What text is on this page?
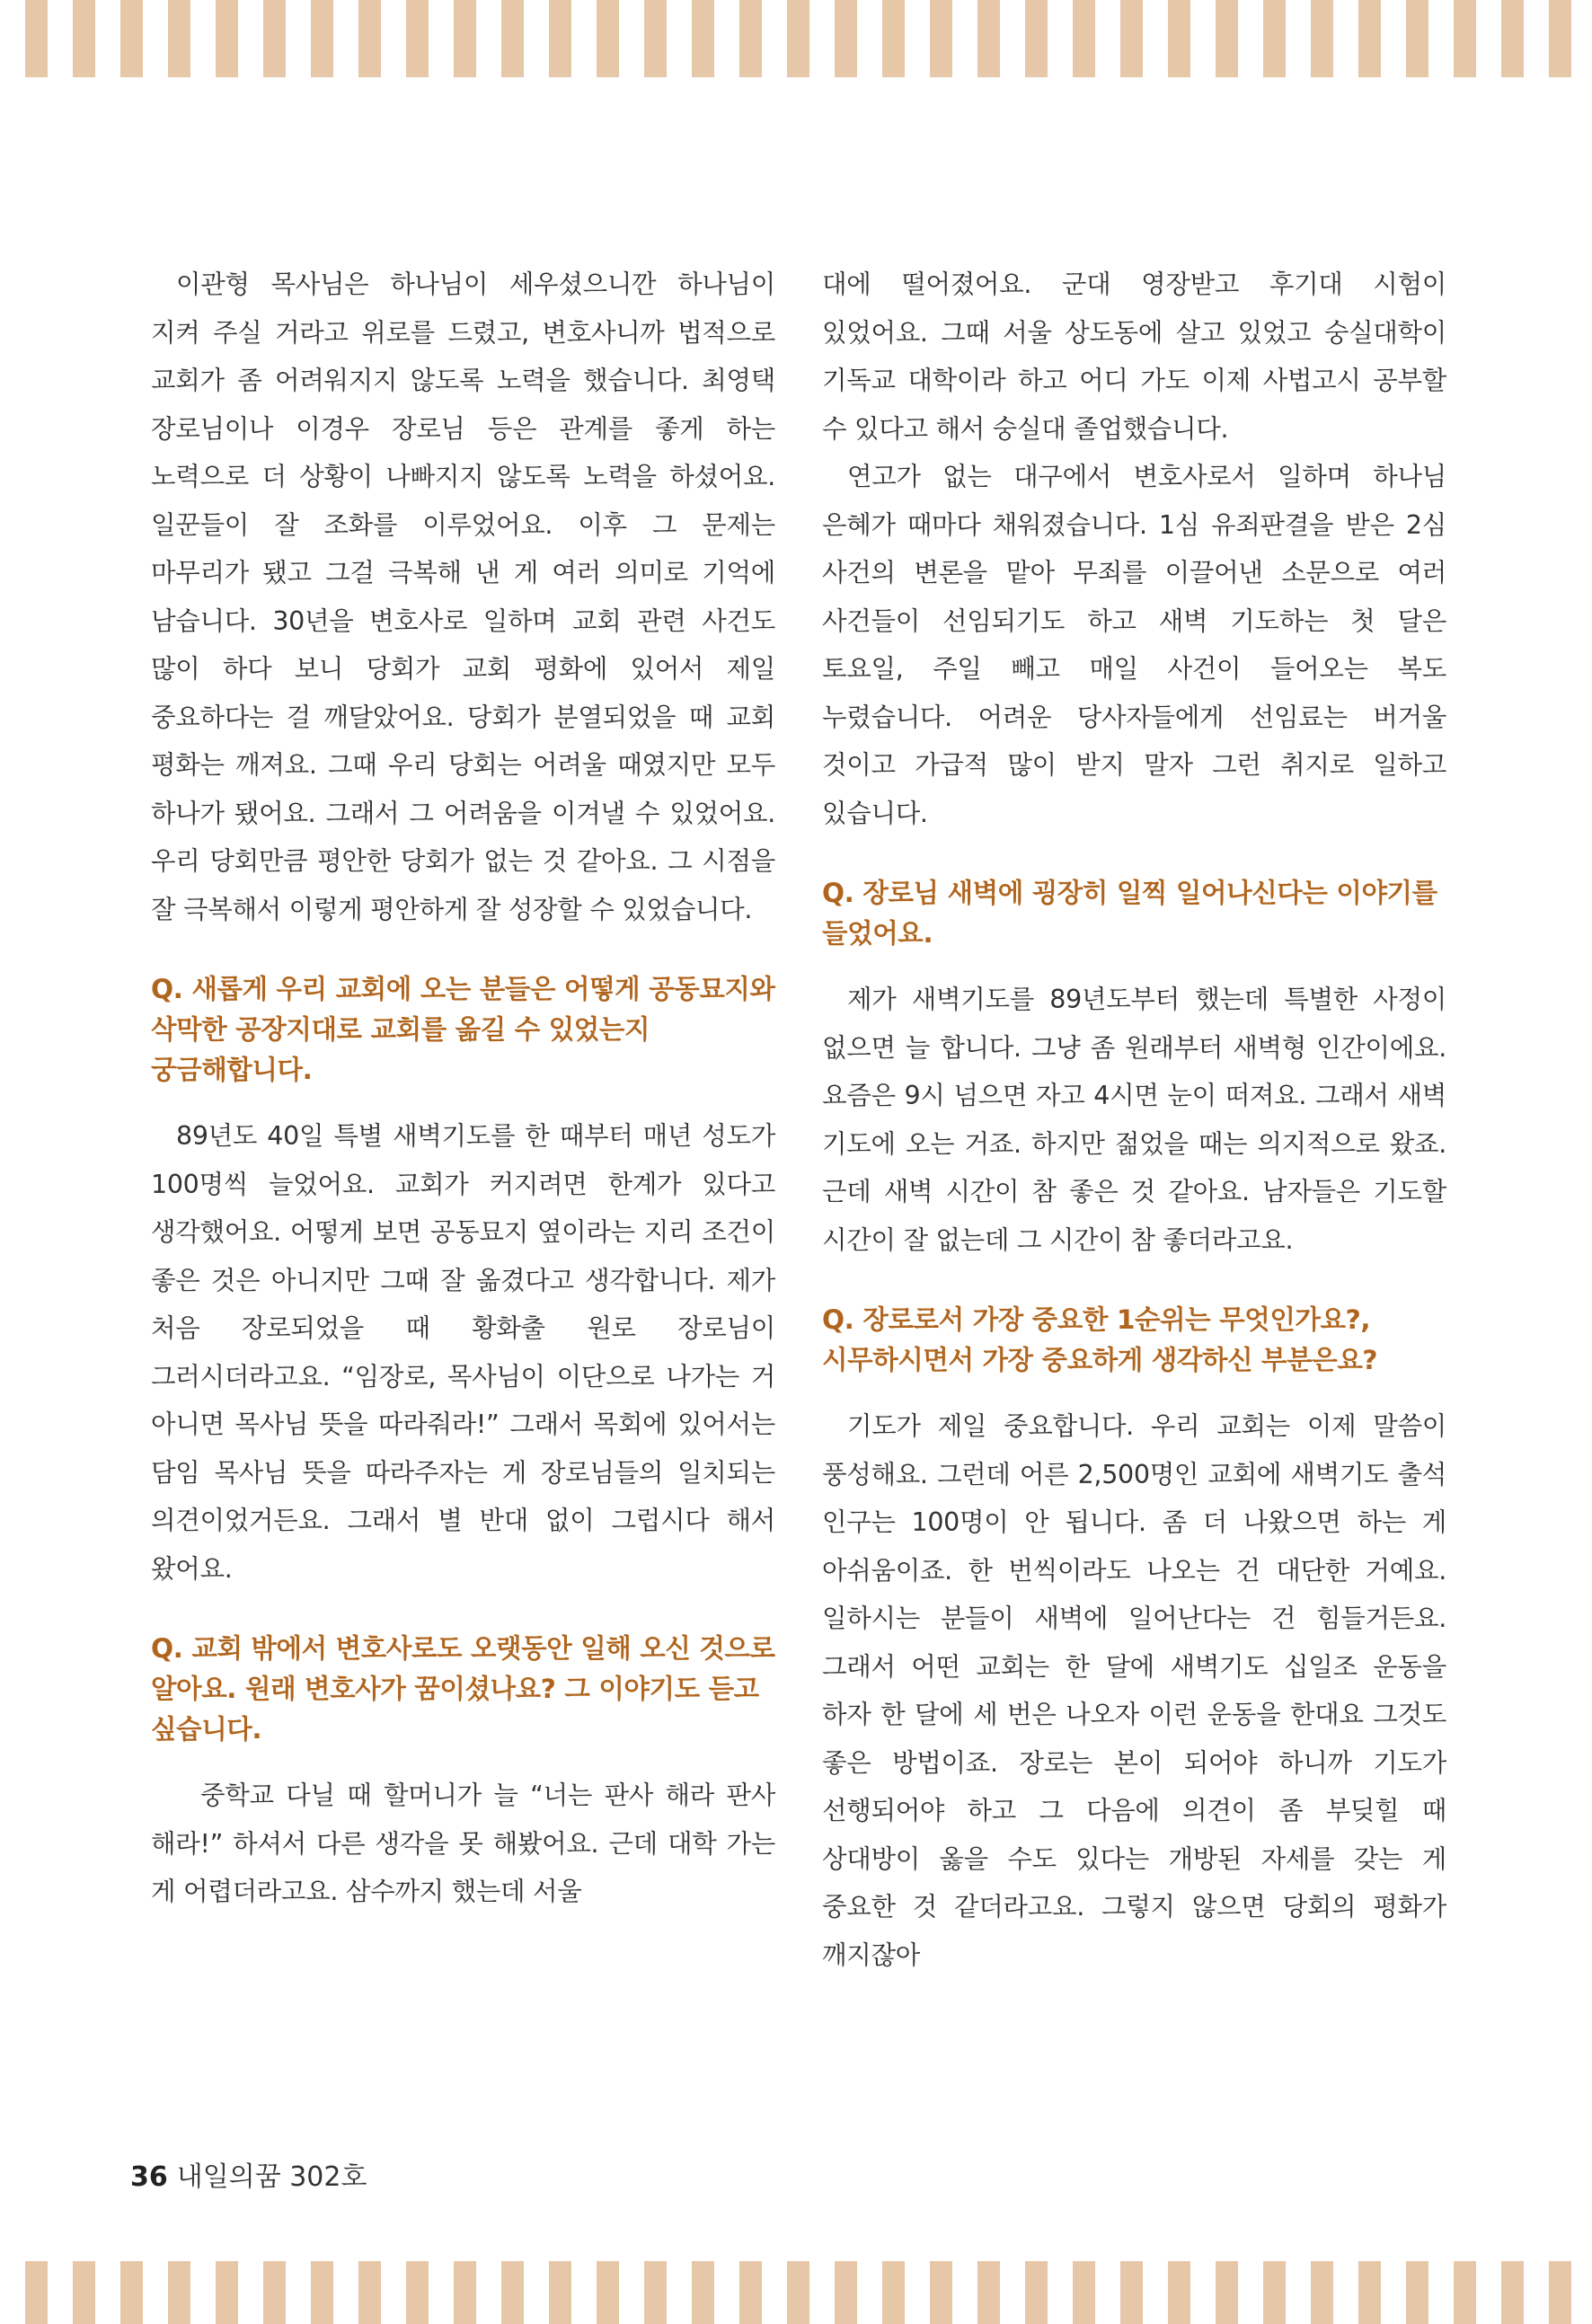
이관형 목사님은 하나님이 세우셨으니깐 하나님이 지켜 주실 거라고 위로를 드렸고, 변호사니까 법적으로 교회가 좀 어려워지지 않도록 노력을 했습니다. 최영택 장로님이나 이경우 장로님 등은 관계를 좋게 하는 노력으로 더 상황이 나빠지지 않도록 노력을 하셨어요. 일꾼들이 잘 조화를 이루었어요. 이후 그 문제는 마무리가 됐고 그걸 극복해 낸 게 여러 의미로 기억에 남습니다. 30년을 변호사로 일하며 교회 관련 사건도 많이 하다 보니 당회가 교회 평화에 있어서 제일 중요하다는 걸 깨달았어요. 당회가 분열되었을 때 교회 평화는 깨져요. 그때 우리 당회는 어려울 때였지만 모두 하나가 됐어요. 그래서 그 어려움을 이겨낼 수 있었어요. 우리 당회만큼 평안한 당회가 없는 것 같아요. 그 시점을 잘 극복해서 이렇게 평안하게 잘 성장할 수 있었습니다.

Q. 새롭게 우리 교회에 오는 분들은 어떻게 공동묘지와 삭막한 공장지대로 교회를 옮길 수 있었는지 궁금해합니다.

89년도 40일 특별 새벽기도를 한 때부터 매년 성도가 100명씩 늘었어요. 교회가 커지려면 한계가 있다고 생각했어요. 어떻게 보면 공동묘지 옆이라는 지리 조건이 좋은 것은 아니지만 그때 잘 옮겼다고 생각합니다. 제가 처음 장로되었을 때 황화출 원로 장로님이 그러시더라고요. “임장로, 목사님이 이단으로 나가는 거 아니면 목사님 뜻을 따라줘라!” 그래서 목회에 있어서는 담임 목사님 뜻을 따라주자는 게 장로님들의 일치되는 의견이었거든요. 그래서 별 반대 없이 그럽시다 해서 왔어요.

Q. 교회 밖에서 변호사로도 오랫동안 일해 오신 것으로 알아요. 원래 변호사가 꿈이셨나요? 그 이야기도 듣고 싶습니다.

중학교 다닐 때 할머니가 늘 “너는 판사 해라 판사 해라!” 하셔서 다른 생각을 못 해봤어요. 근데 대학 가는 게 어렵더라고요. 삼수까지 했는데 서울

대에 떨어졌어요. 군대 영장받고 후기대 시험이 있었어요. 그때 서울 상도동에 살고 있었고 숭실대학이 기독교 대학이라 하고 어디 가도 이제 사법고시 공부할 수 있다고 해서 숭실대 졸업했습니다.

연고가 없는 대구에서 변호사로서 일하며 하나님 은혜가 때마다 채워졌습니다. 1심 유죄판결을 받은 2심 사건의 변론을 맡아 무죄를 이끌어낸 소문으로 여러 사건들이 선임되기도 하고 새벽 기도하는 첫 달은 토요일, 주일 빼고 매일 사건이 들어오는 복도 누렸습니다. 어려운 당사자들에게 선임료는 버거울 것이고 가급적 많이 받지 말자 그런 취지로 일하고 있습니다.

Q. 장로님 새벽에 굉장히 일찍 일어나신다는 이야기를 들었어요.

제가 새벽기도를 89년도부터 했는데 특별한 사정이 없으면 늘 합니다. 그냥 좀 원래부터 새벽형 인간이에요. 요즘은 9시 넘으면 자고 4시면 눈이 떠져요. 그래서 새벽 기도에 오는 거죠. 하지만 젊었을 때는 의지적으로 왔죠. 근데 새벽 시간이 참 좋은 것 같아요. 남자들은 기도할 시간이 잘 없는데 그 시간이 참 좋더라고요.

Q. 장로로서 가장 중요한 1순위는 무엇인가요?, 시무하시면서 가장 중요하게 생각하신 부분은요?

기도가 제일 중요합니다. 우리 교회는 이제 말씀이 풍성해요. 그런데 어른 2,500명인 교회에 새벽기도 출석 인구는 100명이 안 됩니다. 좀 더 나왔으면 하는 게 아쉬움이죠. 한 번씩이라도 나오는 건 대단한 거예요. 일하시는 분들이 새벽에 일어난다는 건 힘들거든요. 그래서 어떤 교회는 한 달에 새벽기도 십일조 운동을 하자 한 달에 세 번은 나오자 이런 운동을 한대요 그것도 좋은 방법이죠. 장로는 본이 되어야 하니까 기도가 선행되어야 하고 그 다음에 의견이 좀 부딪힐 때 상대방이 옳을 수도 있다는 개방된 자세를 갖는 게 중요한 것 같더라고요. 그렇지 않으면 당회의 평화가 깨지잖아

36 내일의꿈 302호
